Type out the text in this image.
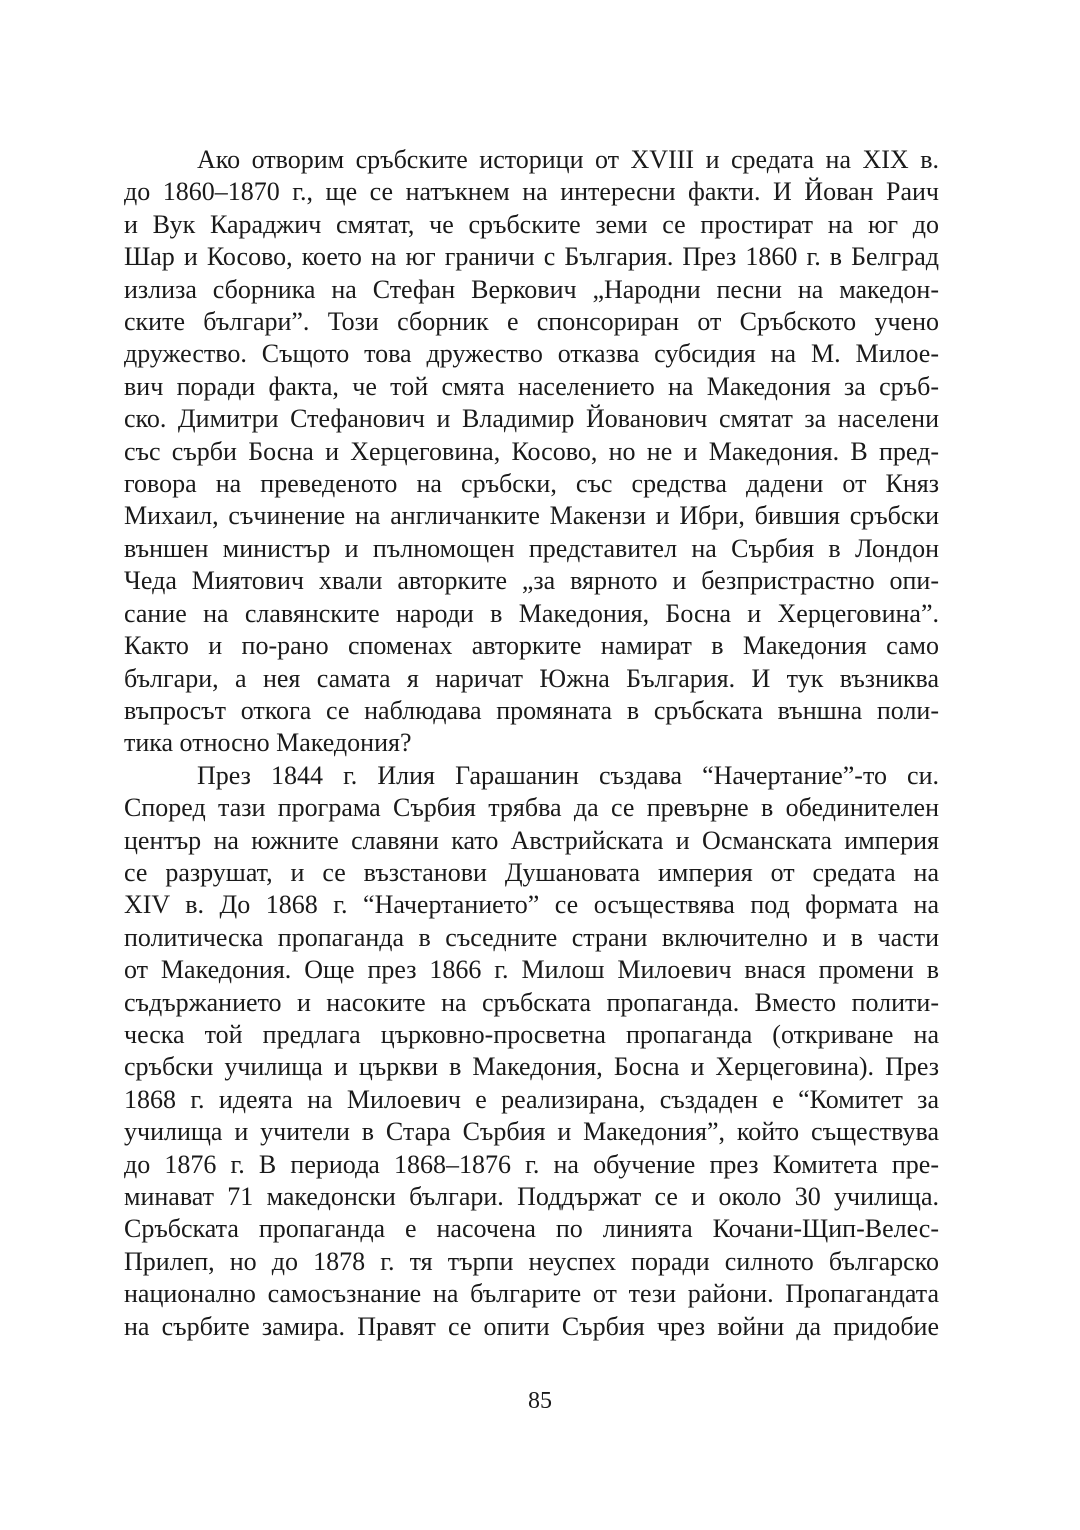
Ако отворим сръбските историци от XVIII и средата на XIX в.
до 1860–1870 г., ще се натъкнем на интересни факти. И Йован Раич
и Вук Караджич смятат, че сръбските земи се простират на юг до
Шар и Косово, което на юг граничи с България. През 1860 г. в Белград
излиза сборника на Стефан Веркович „Народни песни на македон-
ските българи”. Този сборник е спонсориран от Сръбското учено
дружество. Същото това дружество отказва субсидия на М. Милое-
вич поради факта, че той смята населението на Македония за сръб-
ско. Димитри Стефанович и Владимир Йованович смятат за населени
със сърби Босна и Херцеговина, Косово, но не и Македония. В пред-
говора на преведеното на сръбски, със средства дадени от Княз
Михаил, съчинение на англичанките Макензи и Ибри, бившия сръбски
външен министър и пълномощен представител на Сърбия в Лондон
Чеда Миятович хвали авторките „за вярното и безпристрастно опи-
сание на славянските народи в Македония, Босна и Херцеговина”.
Както и по-рано споменах авторките намират в Македония само
българи, а нея самата я наричат Южна България. И тук възниква
въпросът откога се наблюдава промяната в сръбската външна поли-
тика относно Македония?
През 1844 г. Илия Гарашанин създава “Начертание”-то си.
Според тази програма Сърбия трябва да се превърне в обединителен
център на южните славяни като Австрийската и Османската империя
се разрушат, и се възстанови Душановата империя от средата на
XIV в. До 1868 г. “Начертанието” се осъществява под формата на
политическа пропаганда в съседните страни включително и в части
от Македония. Още през 1866 г. Милош Милоевич внася промени в
съдържанието и насоките на сръбската пропаганда. Вместо полити-
ческа той предлага църковно-просветна пропаганда (откриване на
сръбски училища и църкви в Македония, Босна и Херцеговина). През
1868 г. идеята на Милоевич е реализирана, създаден е “Комитет за
училища и учители в Стара Сърбия и Македония”, който съществува
до 1876 г. В периода 1868–1876 г. на обучение през Комитета пре-
минават 71 македонски българи. Поддържат се и около 30 училища.
Сръбската пропаганда е насочена по линията Кочани-Щип-Велес-
Прилеп, но до 1878 г. тя търпи неуспех поради силното българско
национално самосъзнание на българите от тези райони. Пропагандата
на сърбите замира. Правят се опити Сърбия чрез войни да придобие
85
